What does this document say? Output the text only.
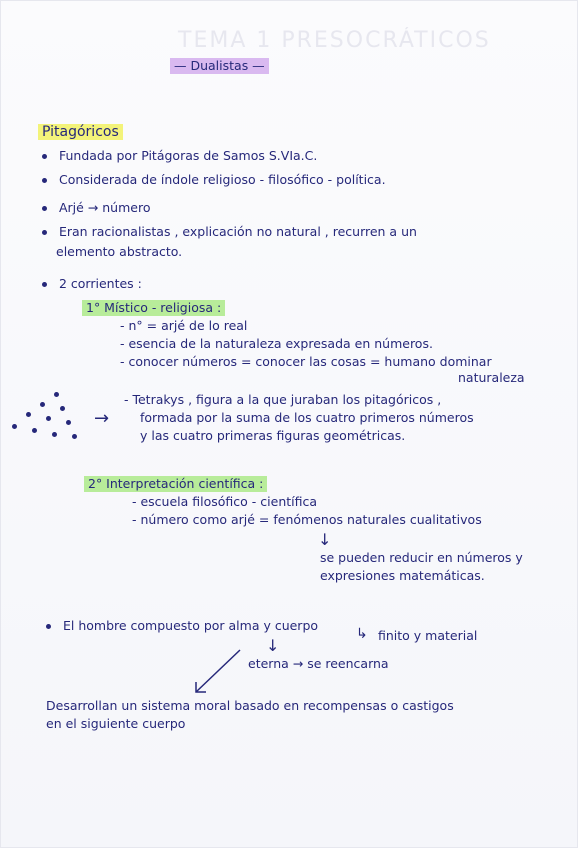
TEMA 1 PRESOCRÁTICOS
— Dualistas —
Pitagóricos
Fundada por Pitágoras de Samos S.VIa.C.
Considerada de índole religioso - filosófico - política.
Arjé → número
Eran racionalistas , explicación no natural , recurren a un
elemento abstracto.
2 corrientes :
1° Místico - religiosa :
- n° = arjé de lo real
- esencia de la naturaleza expresada en números.
- conocer números = conocer las cosas = humano dominar
naturaleza
→
- Tetrakys , figura a la que juraban los pitagóricos ,
formada por la suma de los cuatro primeros números
y las cuatro primeras figuras geométricas.
2° Interpretación científica :
- escuela filosófico - científica
- número como arjé = fenómenos naturales cualitativos
↓
se pueden reducir en números y
expresiones matemáticas.
El hombre compuesto por alma y cuerpo
↓
↳ finito y material
eterna → se reencarna
Desarrollan un sistema moral basado en recompensas o castigos
en el siguiente cuerpo
